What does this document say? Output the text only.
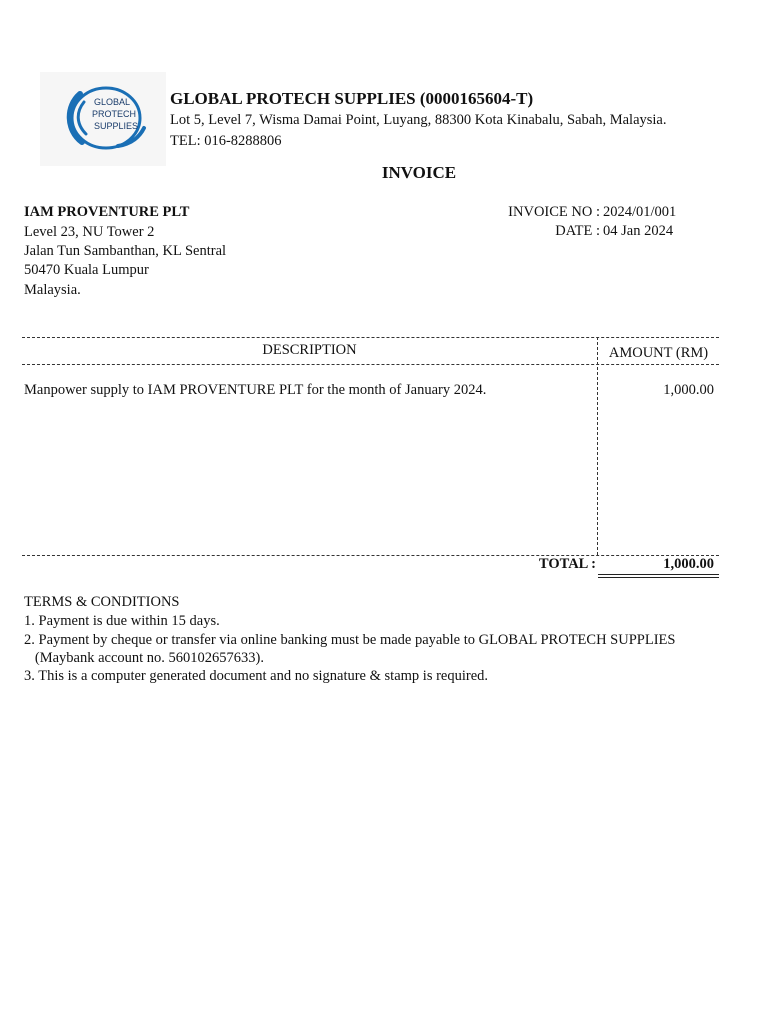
GLOBAL
PROTECH
SUPPLIES
GLOBAL PROTECH SUPPLIES (0000165604-T)
Lot 5, Level 7, Wisma Damai Point, Luyang, 88300 Kota Kinabalu, Sabah, Malaysia.
TEL: 016-8288806
INVOICE
IAM PROVENTURE PLT
Level 23, NU Tower 2
Jalan Tun Sambanthan, KL Sentral
50470 Kuala Lumpur
Malaysia.
INVOICE NO : 2024/01/001
DATE : 04 Jan 2024
DESCRIPTION	AMOUNT (RM)
Manpower supply to IAM PROVENTURE PLT for the month of January 2024.	1,000.00
TOTAL :	1,000.00
TERMS & CONDITIONS
1. Payment is due within 15 days.
2. Payment by cheque or transfer via online banking must be made payable to GLOBAL PROTECH SUPPLIES
(Maybank account no. 560102657633).
3. This is a computer generated document and no signature & stamp is required.
